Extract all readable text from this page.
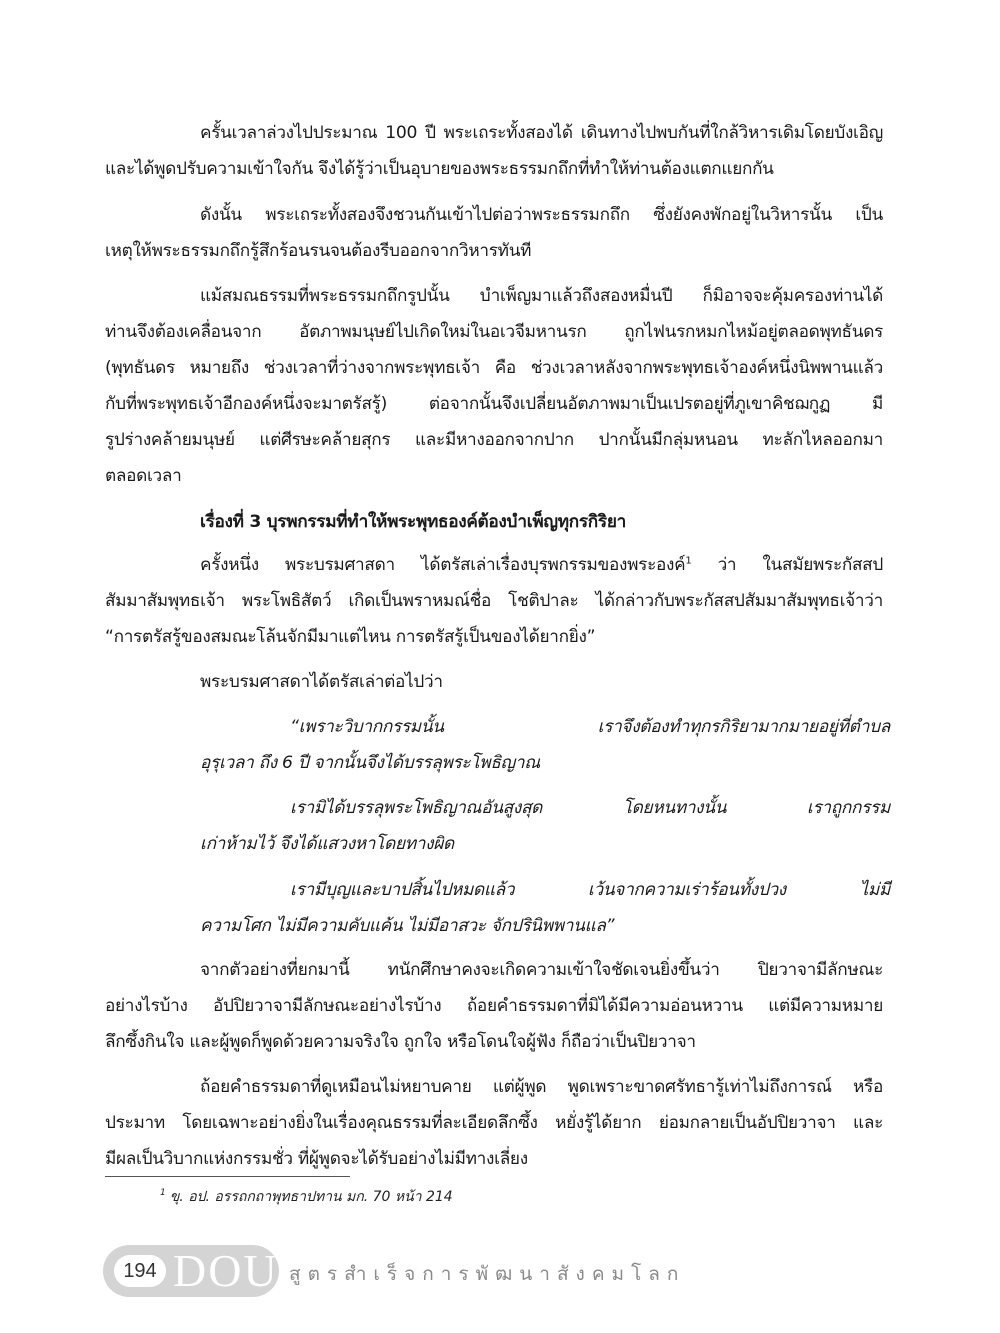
ครั้นเวลาล่วงไปประมาณ 100 ปี พระเถระทั้งสองได้ เดินทางไปพบกันที่ใกล้วิหารเดิมโดยบังเอิญ
และได้พูดปรับความเข้าใจกัน จึงได้รู้ว่าเป็นอุบายของพระธรรมกถึกที่ทำให้ท่านต้องแตกแยกกัน
ดังนั้น พระเถระทั้งสองจึงชวนกันเข้าไปต่อว่าพระธรรมกถึก ซึ่งยังคงพักอยู่ในวิหารนั้น เป็น
เหตุให้พระธรรมกถึกรู้สึกร้อนรนจนต้องรีบออกจากวิหารทันที
แม้สมณธรรมที่พระธรรมกถึกรูปนั้น บำเพ็ญมาแล้วถึงสองหมื่นปี ก็มิอาจจะคุ้มครองท่านได้
ท่านจึงต้องเคลื่อนจาก อัตภาพมนุษย์ไปเกิดใหม่ในอเวจีมหานรก ถูกไฟนรกหมกไหม้อยู่ตลอดพุทธันดร
(พุทธันดร หมายถึง ช่วงเวลาที่ว่างจากพระพุทธเจ้า คือ ช่วงเวลาหลังจากพระพุทธเจ้าองค์หนึ่งนิพพานแล้ว
กับที่พระพุทธเจ้าอีกองค์หนึ่งจะมาตรัสรู้) ต่อจากนั้นจึงเปลี่ยนอัตภาพมาเป็นเปรตอยู่ที่ภูเขาคิชฌกูฏ มี
รูปร่างคล้ายมนุษย์ แต่ศีรษะคล้ายสุกร และมีหางออกจากปาก ปากนั้นมีกลุ่มหนอน ทะลักไหลออกมา
ตลอดเวลา
เรื่องที่ 3 บุรพกรรมที่ทำให้พระพุทธองค์ต้องบำเพ็ญทุกรกิริยา
ครั้งหนึ่ง พระบรมศาสดา ได้ตรัสเล่าเรื่องบุรพกรรมของพระองค์$^1$ ว่า ในสมัยพระกัสสป
สัมมาสัมพุทธเจ้า พระโพธิสัตว์ เกิดเป็นพราหมณ์ชื่อ โชติปาละ ได้กล่าวกับพระกัสสปสัมมาสัมพุทธเจ้าว่า
“การตรัสรู้ของสมณะโล้นจักมีมาแต่ไหน การตรัสรู้เป็นของได้ยากยิ่ง”
พระบรมศาสดาได้ตรัสเล่าต่อไปว่า
“เพราะวิบากกรรมนั้น เราจึงต้องทำทุกรกิริยามากมายอยู่ที่ตำบล
อุรุเวลา ถึง 6 ปี จากนั้นจึงได้บรรลุพระโพธิญาณ
เรามิได้บรรลุพระโพธิญาณอันสูงสุด โดยหนทางนั้น เราถูกกรรม
เก่าห้ามไว้ จึงได้แสวงหาโดยทางผิด
เรามีบุญและบาปสิ้นไปหมดแล้ว เว้นจากความเร่าร้อนทั้งปวง ไม่มี
ความโศก ไม่มีความคับแค้น ไม่มีอาสวะ จักปรินิพพานแล”
จากตัวอย่างที่ยกมานี้ ทนักศึกษาคงจะเกิดความเข้าใจชัดเจนยิ่งขึ้นว่า ปิยวาจามีลักษณะ
อย่างไรบ้าง อัปปิยวาจามีลักษณะอย่างไรบ้าง ถ้อยคำธรรมดาที่มิได้มีความอ่อนหวาน แต่มีความหมาย
ลึกซึ้งกินใจ และผู้พูดก็พูดด้วยความจริงใจ ถูกใจ หรือโดนใจผู้ฟัง ก็ถือว่าเป็นปิยวาจา
ถ้อยคำธรรมดาที่ดูเหมือนไม่หยาบคาย แต่ผู้พูด พูดเพราะขาดศรัทธารู้เท่าไม่ถึงการณ์ หรือ
ประมาท โดยเฉพาะอย่างยิ่งในเรื่องคุณธรรมที่ละเอียดลึกซึ้ง หยั่งรู้ได้ยาก ย่อมกลายเป็นอัปปิยวาจา และ
มีผลเป็นวิบากแห่งกรรมชั่ว ที่ผู้พูดจะได้รับอย่างไม่มีทางเลี่ยง
$^1$ ขุ. อป. อรรถกถาพุทธาปทาน มก. 70 หน้า 214
194 DOU สูตรสำเร็จการพัฒนาสังคมโลก
